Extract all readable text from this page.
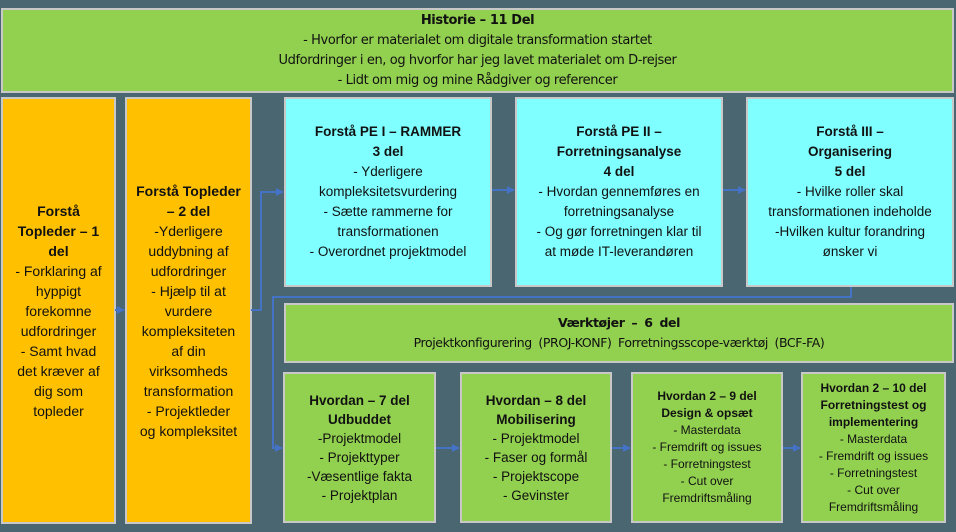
Historie – 11 Del
- Hvorfor er materialet om digitale transformation startet
Udfordringer i en, og hvorfor har jeg lavet materialet om D-rejser
- Lidt om mig og mine Rådgiver og referencer
Forstå
Topleder – 1
del
- Forklaring af
hyppigt
forekomne
udfordringer
- Samt hvad
det kræver af
dig som
topleder
Forstå Topleder
– 2 del
-Yderligere
uddybning af
udfordringer
- Hjælp til at
vurdere
kompleksiteten
af din
virksomheds
transformation
- Projektleder
og kompleksitet
Forstå PE I – RAMMER
3 del
- Yderligere
kompleksitetsvurdering
- Sætte rammerne for
transformationen
- Overordnet projektmodel
Forstå PE II –
Forretningsanalyse
4 del
- Hvordan gennemføres en
forretningsanalyse
- Og gør forretningen klar til
at møde IT-leverandøren
Forstå III –
Organisering
5 del
- Hvilke roller skal
transformationen indeholde
-Hvilken kultur forandring
ønsker vi
Værktøjer – 6 del
Projektkonfigurering (PROJ-KONF) Forretningsscope-værktøj (BCF-FA)
Hvordan – 7 del
Udbuddet
-Projektmodel
- Projekttyper
-Væsentlige fakta
- Projektplan
Hvordan – 8 del
Mobilisering
- Projektmodel
- Faser og formål
- Projektscope
- Gevinster
Hvordan 2 – 9 del
Design & opsæt
- Masterdata
- Fremdrift og issues
- Forretningstest
- Cut over
Fremdriftsmåling
Hvordan 2 – 10 del
Forretningstest og
implementering
- Masterdata
- Fremdrift og issues
- Forretningstest
- Cut over
Fremdriftsmåling
